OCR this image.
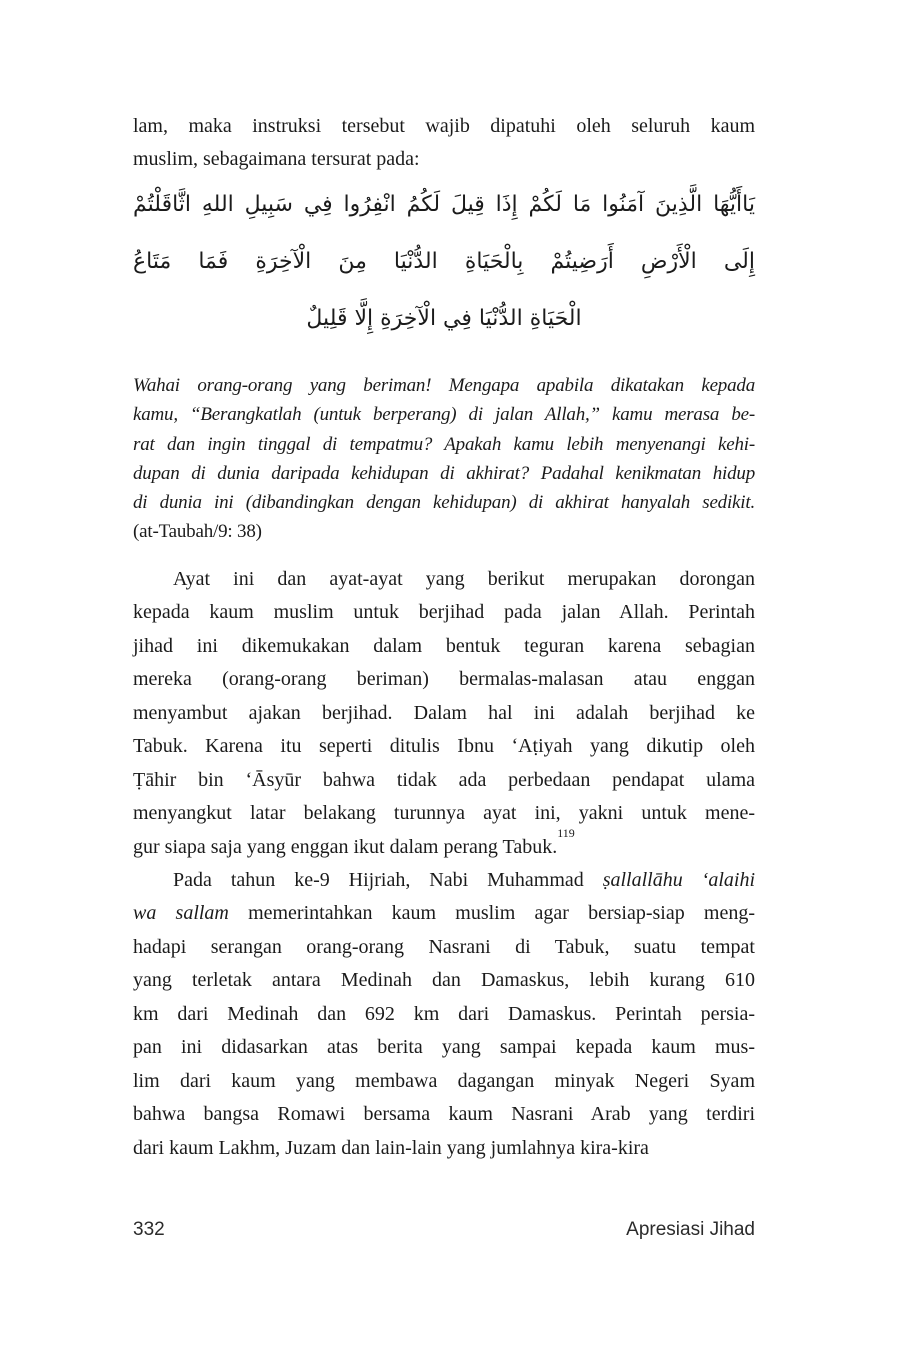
lam, maka instruksi tersebut wajib dipatuhi oleh seluruh kaum
muslim, sebagaimana tersurat pada:
يَاأَيُّهَا الَّذِينَ آمَنُوا مَا لَكُمْ إِذَا قِيلَ لَكُمُ انْفِرُوا فِي سَبِيلِ اللهِ اثَّاقَلْتُمْ
إِلَى الْأَرْضِ أَرَضِيتُمْ بِالْحَيَاةِ الدُّنْيَا مِنَ الْآخِرَةِ فَمَا مَتَاعُ
الْحَيَاةِ الدُّنْيَا فِي الْآخِرَةِ إِلَّا قَلِيلٌ
Wahai orang-orang yang beriman! Mengapa apabila dikatakan kepada
kamu, “Berangkatlah (untuk berperang) di jalan Allah,” kamu merasa be-
rat dan ingin tinggal di tempatmu? Apakah kamu lebih menyenangi kehi-
dupan di dunia daripada kehidupan di akhirat? Padahal kenikmatan hidup
di dunia ini (dibandingkan dengan kehidupan) di akhirat hanyalah sedikit.
(at-Taubah/9: 38)
Ayat ini dan ayat-ayat yang berikut merupakan dorongan
kepada kaum muslim untuk berjihad pada jalan Allah. Perintah
jihad ini dikemukakan dalam bentuk teguran karena sebagian
mereka (orang-orang beriman) bermalas-malasan atau enggan
menyambut ajakan berjihad. Dalam hal ini adalah berjihad ke
Tabuk. Karena itu seperti ditulis Ibnu ‘Aṭiyah yang dikutip oleh
Ṭāhir bin ‘Āsyūr bahwa tidak ada perbedaan pendapat ulama
menyangkut latar belakang turunnya ayat ini, yakni untuk mene-
gur siapa saja yang enggan ikut dalam perang Tabuk.$^{119}$
Pada tahun ke-9 Hijriah, Nabi Muhammad ṣallallāhu ‘alaihi
wa sallam memerintahkan kaum muslim agar bersiap-siap meng-
hadapi serangan orang-orang Nasrani di Tabuk, suatu tempat
yang terletak antara Medinah dan Damaskus, lebih kurang 610
km dari Medinah dan 692 km dari Damaskus. Perintah persia-
pan ini didasarkan atas berita yang sampai kepada kaum mus-
lim dari kaum yang membawa dagangan minyak Negeri Syam
bahwa bangsa Romawi bersama kaum Nasrani Arab yang terdiri
dari kaum Lakhm, Juzam dan lain-lain yang jumlahnya kira-kira
332	Apresiasi Jihad
